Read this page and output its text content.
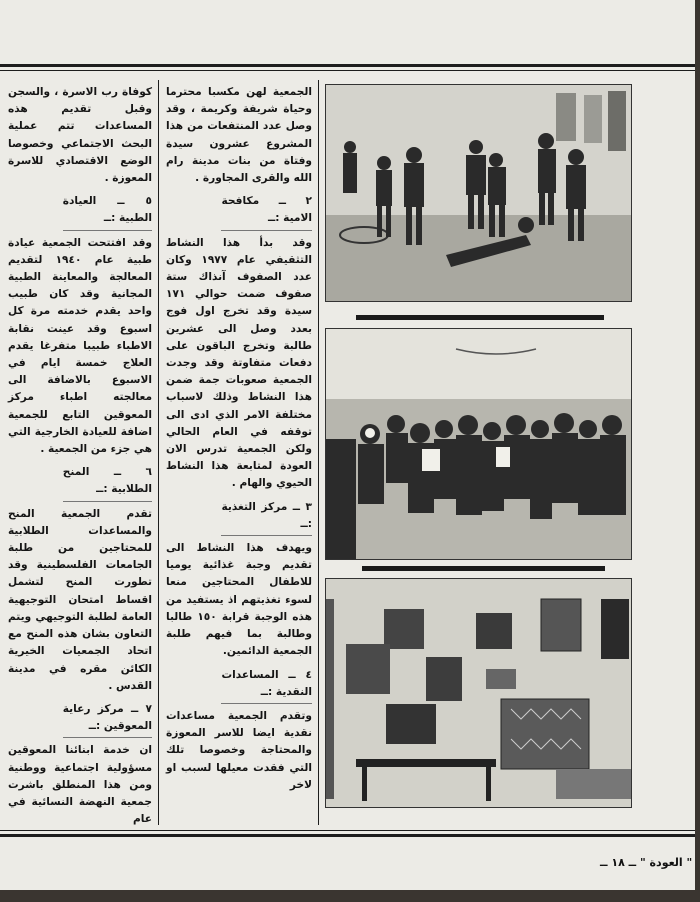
كوفاة رب الاسرة ، والسجن وقبل تقديم هذه المساعدات تتم عملية البحث الاجتماعي وخصوصا الوضع الاقتصادي للاسرة المعوزة .

٥ ــ العيادة الطبية :ــ

وقد افتتحت الجمعية عيادة طبية عام ١٩٤٠ لتقديم المعالجة والمعاينة الطبية المجانية وقد كان طبيب واحد يقدم خدمته مرة كل اسبوع وقد عينت نقابة الاطباء طبيبا متفرغا يقدم العلاج خمسة ايام في الاسبوع بالاضافة الى معالجته اطباء مركز المعوقين التابع للجمعية اضافة للعيادة الخارجية التي هي جزء من الجمعية .

٦ ــ المنح الطلابية :ــ

تقدم الجمعية المنح والمساعدات الطلابية للمحتاجين من طلبة الجامعات الفلسطينية وقد تطورت المنح لتشمل اقساط امتحان التوجيهية العامة لطلبة التوجيهي ويتم التعاون بشان هذه المنح مع اتحاد الجمعيات الخيرية الكائن مقره في مدينة القدس .

٧ ــ مركز رعاية المعوقين :ــ

ان خدمة ابنائنا المعوقين مسؤولية اجتماعية ووطنية ومن هذا المنطلق باشرت جمعية النهضة النسائية في عام

الجمعية لهن مكسبا محترما وحياة شريفة وكريمة ، وقد وصل عدد المنتفعات من هذا المشروع عشرون سيدة وفتاة من بنات مدينة رام الله والقرى المجاورة .

٢ ــ مكافحة الامية :ــ

وقد بدأ هذا النشاط التثقيفي عام ١٩٧٧ وكان عدد الصفوف آنذاك ستة صفوف ضمت حوالي ١٧١ سيدة وقد تخرج اول فوج بعدد وصل الى عشرين طالبة وتخرج الباقون على دفعات متفاوتة وقد وجدت الجمعية صعوبات جمة ضمن هذا النشاط وذلك لاسباب مختلفة الامر الذي ادى الى توقفه في العام الحالي ولكن الجمعية تدرس الان العودة لمتابعة هذا النشاط الحيوي والهام .

٣ ــ مركز التغذية :ــ

ويهدف هذا النشاط الى تقديم وجبة غذائية يوميا للاطفال المحتاجين منعا لسوء تغذيتهم اذ يستفيد من هذه الوجبة قرابة ١٥٠ طالبا وطالبة بما فيهم طلبة الجمعية الدائمين.

٤ ــ المساعدات النقدية :ــ

وتقدم الجمعية مساعدات نقدية ايضا للاسر المعوزة والمحتاجة وخصوصا تلك التي فقدت معيلها لسبب او لاخر

" العودة " ــ ١٨ ــ
